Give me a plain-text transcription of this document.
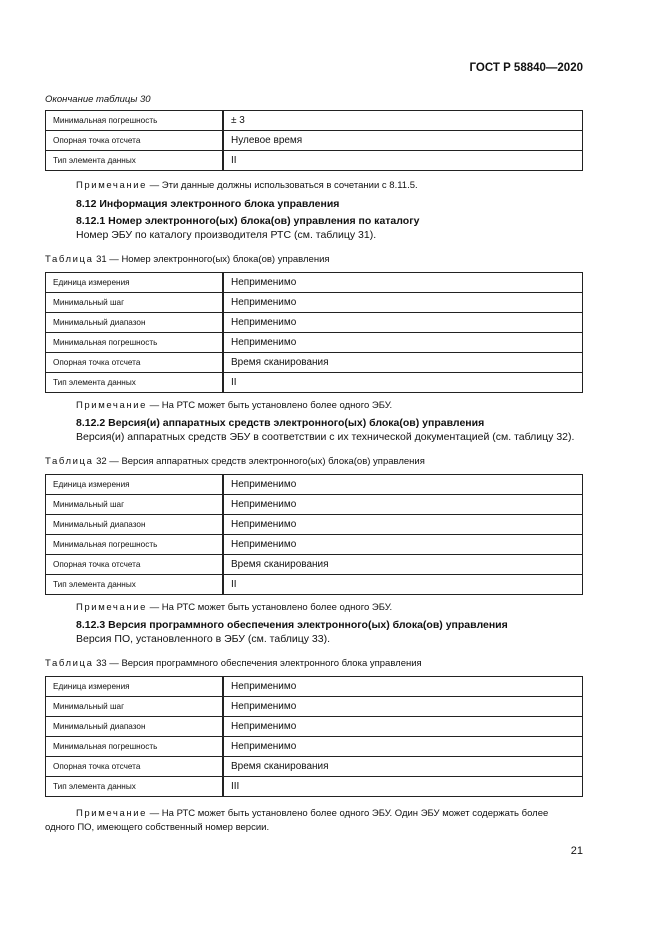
ГОСТ Р 58840—2020
Окончание таблицы 30
Минимальная погрешность	± 3
Опорная точка отсчета	Нулевое время
Тип элемента данных	II
Примечание — Эти данные должны использоваться в сочетании с 8.11.5.
8.12 Информация электронного блока управления
8.12.1 Номер электронного(ых) блока(ов) управления по каталогу
Номер ЭБУ по каталогу производителя РТС (см. таблицу 31).
Таблица 31 — Номер электронного(ых) блока(ов) управления
Единица измерения	Неприменимо
Минимальный шаг	Неприменимо
Минимальный диапазон	Неприменимо
Минимальная погрешность	Неприменимо
Опорная точка отсчета	Время сканирования
Тип элемента данных	II
Примечание — На РТС может быть установлено более одного ЭБУ.
8.12.2 Версия(и) аппаратных средств электронного(ых) блока(ов) управления
Версия(и) аппаратных средств ЭБУ в соответствии с их технической документацией (см. таблицу 32).
Таблица 32 — Версия аппаратных средств электронного(ых) блока(ов) управления
Единица измерения	Неприменимо
Минимальный шаг	Неприменимо
Минимальный диапазон	Неприменимо
Минимальная погрешность	Неприменимо
Опорная точка отсчета	Время сканирования
Тип элемента данных	II
Примечание — На РТС может быть установлено более одного ЭБУ.
8.12.3 Версия программного обеспечения электронного(ых) блока(ов) управления
Версия ПО, установленного в ЭБУ (см. таблицу 33).
Таблица 33 — Версия программного обеспечения электронного блока управления
Единица измерения	Неприменимо
Минимальный шаг	Неприменимо
Минимальный диапазон	Неприменимо
Минимальная погрешность	Неприменимо
Опорная точка отсчета	Время сканирования
Тип элемента данных	III
Примечание — На РТС может быть установлено более одного ЭБУ. Один ЭБУ может содержать более
одного ПО, имеющего собственный номер версии.
21
